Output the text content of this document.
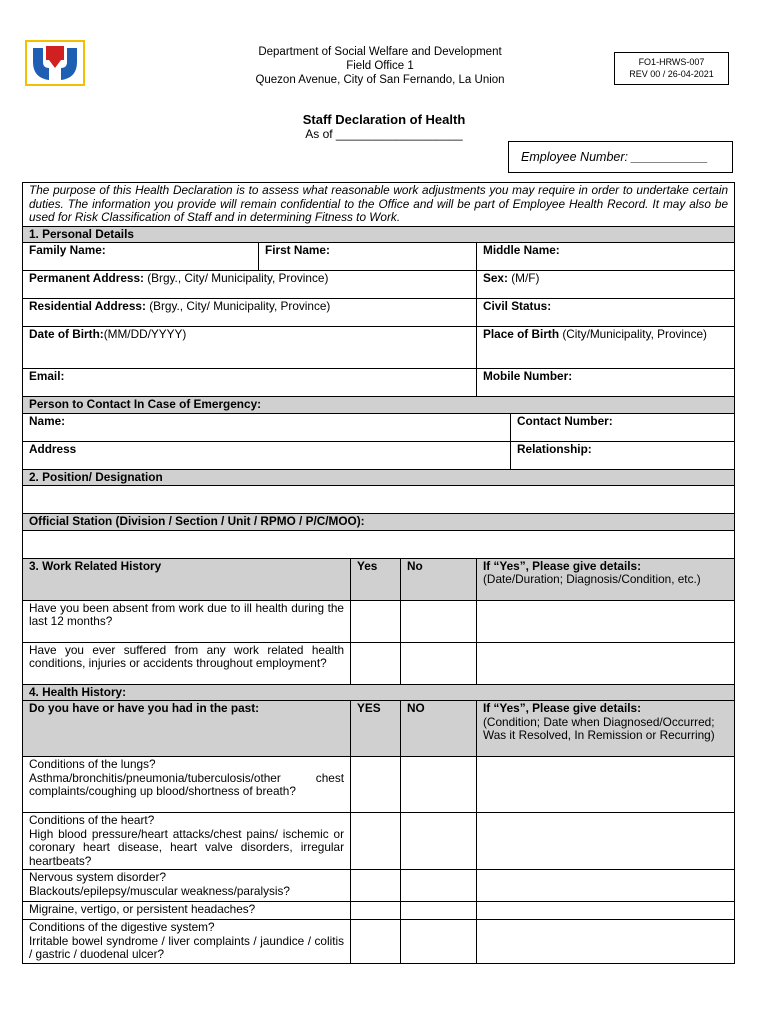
Department of Social Welfare and Development
Field Office 1
Quezon Avenue, City of San Fernando, La Union
FO1-HRWS-007
REV 00 / 26-04-2021
Staff Declaration of Health
As of ___________________
Employee Number: ___________
The purpose of this Health Declaration is to assess what reasonable work adjustments you may require in order to undertake certain duties. The information you provide will remain confidential to the Office and will be part of Employee Health Record. It may also be used for Risk Classification of Staff and in determining Fitness to Work.					
1. Personal Details					
Family Name:	First Name:			Middle Name:	
Permanent Address: (Brgy., City/ Municipality, Province)				Sex: (M/F)	
Residential Address: (Brgy., City/ Municipality, Province)				Civil Status:	
Date of Birth:(MM/DD/YYYY)				Place of Birth (City/Municipality, Province)	
Email:				Mobile Number:	
Person to Contact In Case of Emergency:					
Name:					Contact Number:
Address					Relationship:
2. Position/ Designation					

Official Station (Division / Section / Unit / RPMO / P/C/MOO):					

3. Work Related History		Yes	No	If “Yes”, Please give details:
(Date/Duration; Diagnosis/Condition, etc.)	
Have you been absent from work due to ill health during the last 12 months?					
Have you ever suffered from any work related health conditions, injuries or accidents throughout employment?					
4. Health History:					
Do you have or have you had in the past:		YES	NO	If “Yes”, Please give details:
(Condition; Date when Diagnosed/Occurred; Was it Resolved, In Remission or Recurring)	

Conditions of the lungs?
Asthma/bronchitis/pneumonia/tuberculosis/other chest complaints/coughing up blood/shortness of breath?					

Conditions of the heart?
High blood pressure/heart attacks/chest pains/ ischemic or coronary heart disease, heart valve disorders, irregular heartbeats?					

Nervous system disorder?
Blackouts/epilepsy/muscular weakness/paralysis?					

Migraine, vertigo, or persistent headaches?					

Conditions of the digestive system?
Irritable bowel syndrome / liver complaints / jaundice / colitis / gastric / duodenal ulcer?					
